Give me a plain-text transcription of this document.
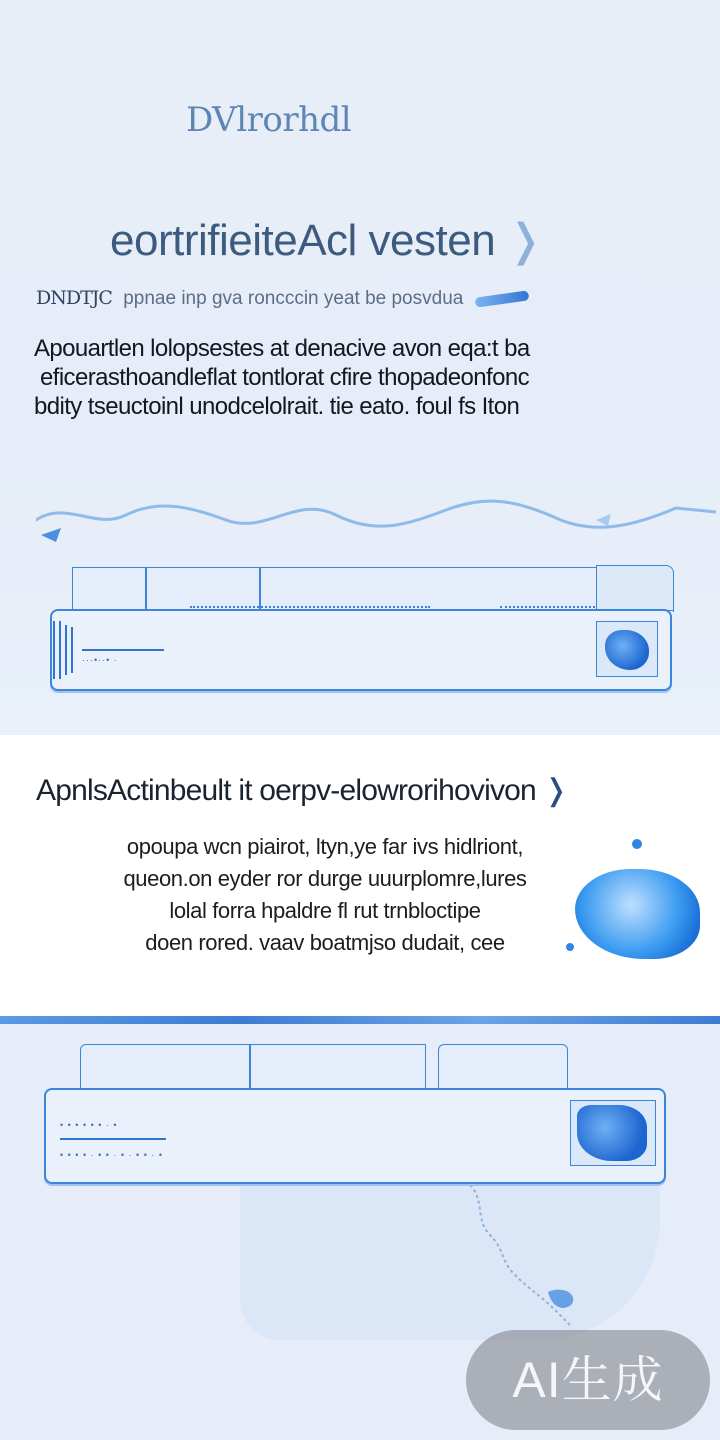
DVlrorhdl
eortrifieiteAcl vesten ❭
DNDTJC ppnae inp gva roncccin yeat be posvdua
Apouartlen lolopsestes at denacive avon eqa:t ba
eficerasthoandleflat tontlorat cfire thopadeonfonc
bdity tseuctoinl unodcelolrait. tie eato. foul fs Iton
···•··• ·
ApnlsActinbeult it oerpv-elowrorihovivon ❭
opoupa wcn piairot, ltyn,ye far ivs hidlriont,
queon.on eyder ror durge uuurplomre,lures
lolal forra hpaldre fl rut trnbloctipe
doen rored. vaav boatmjso dudait, cee
• • • • • • · •
• • • • · • • · • · • • · •
AI生成
